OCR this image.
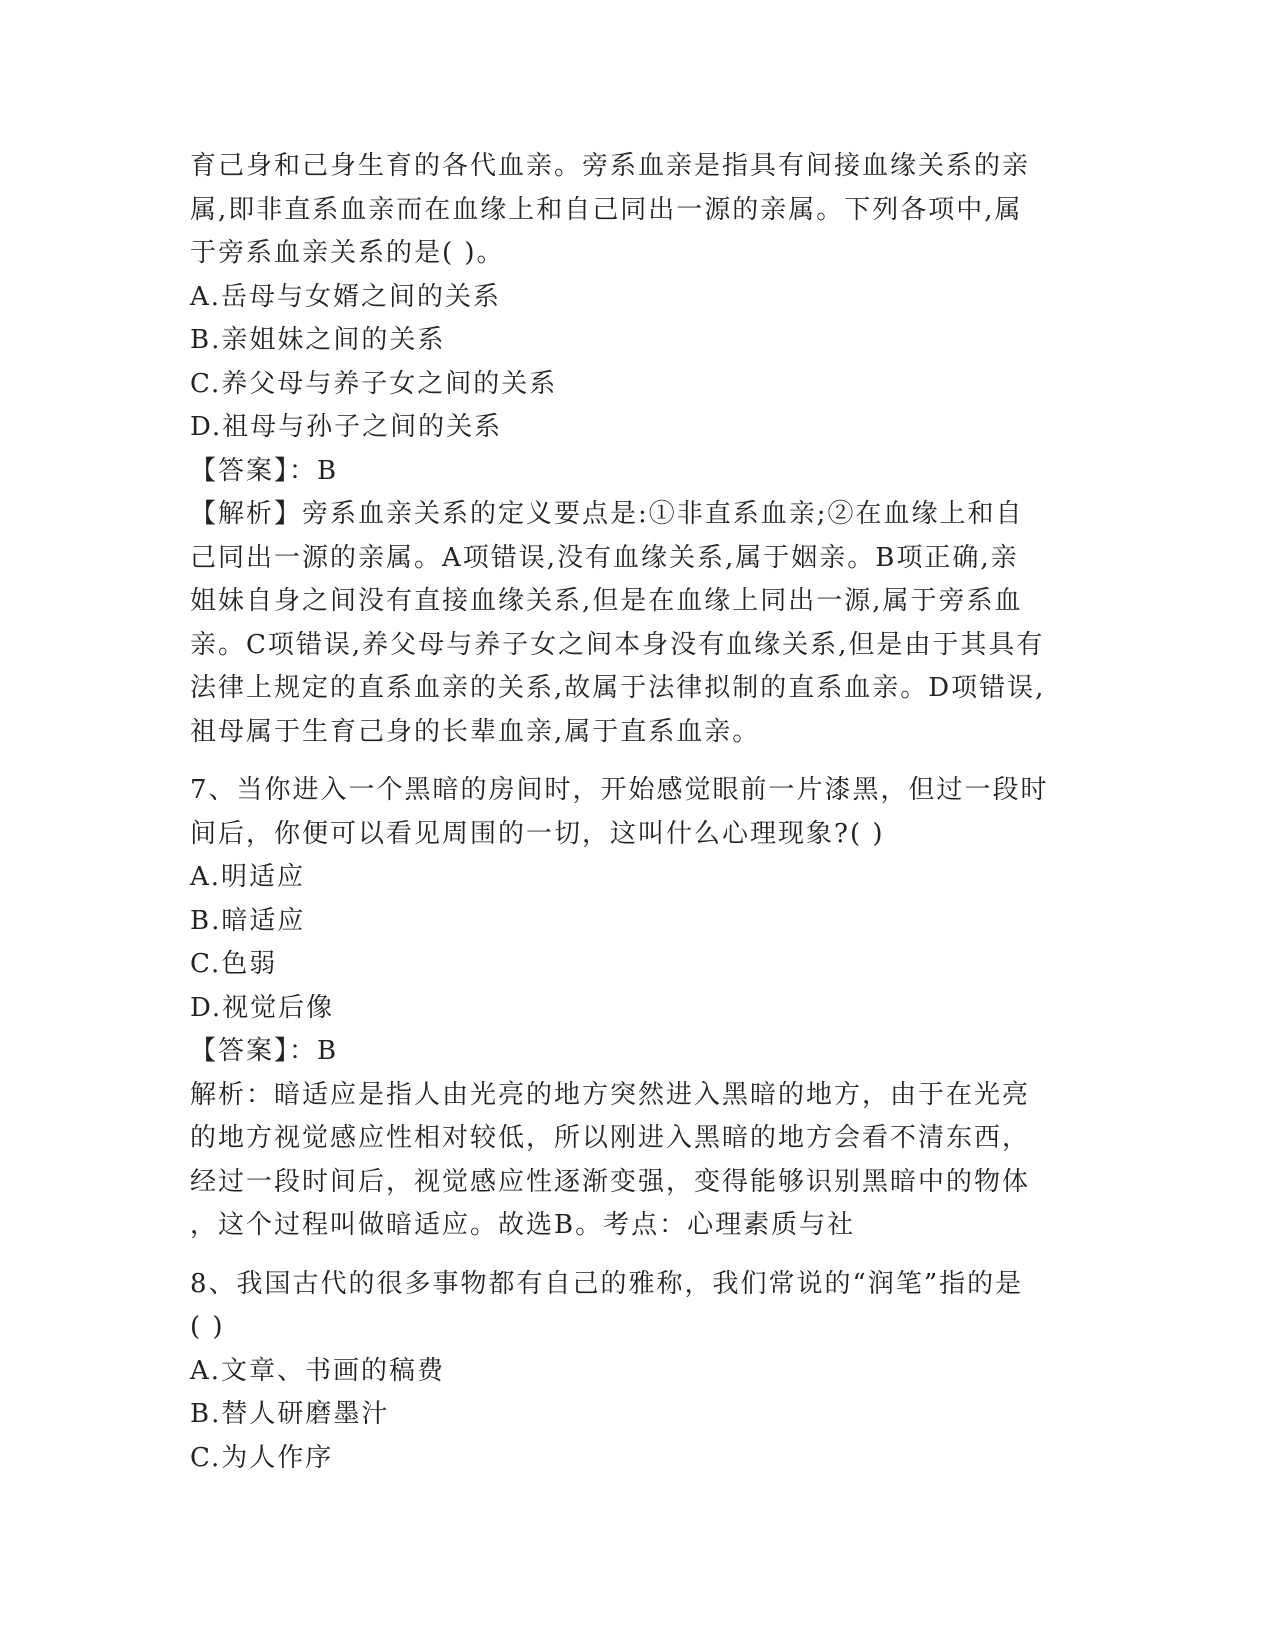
育己身和己身生育的各代血亲。旁系血亲是指具有间接血缘关系的亲
属,即非直系血亲而在血缘上和自己同出一源的亲属。下列各项中,属
于旁系血亲关系的是( )。
A.岳母与女婿之间的关系
B.亲姐妹之间的关系
C.养父母与养子女之间的关系
D.祖母与孙子之间的关系
【答案】：B
【解析】旁系血亲关系的定义要点是:①非直系血亲;②在血缘上和自
己同出一源的亲属。A项错误,没有血缘关系,属于姻亲。B项正确,亲
姐妹自身之间没有直接血缘关系,但是在血缘上同出一源,属于旁系血
亲。C项错误,养父母与养子女之间本身没有血缘关系,但是由于其具有
法律上规定的直系血亲的关系,故属于法律拟制的直系血亲。D项错误,
祖母属于生育己身的长辈血亲,属于直系血亲。
7、当你进入一个黑暗的房间时，开始感觉眼前一片漆黑，但过一段时
间后，你便可以看见周围的一切，这叫什么心理现象?( )
A.明适应
B.暗适应
C.色弱
D.视觉后像
【答案】：B
解析：暗适应是指人由光亮的地方突然进入黑暗的地方，由于在光亮
的地方视觉感应性相对较低，所以刚进入黑暗的地方会看不清东西，
经过一段时间后，视觉感应性逐渐变强，变得能够识别黑暗中的物体
，这个过程叫做暗适应。故选B。考点：心理素质与社
8、我国古代的很多事物都有自己的雅称，我们常说的“润笔”指的是
( )
A.文章、书画的稿费
B.替人研磨墨汁
C.为人作序
